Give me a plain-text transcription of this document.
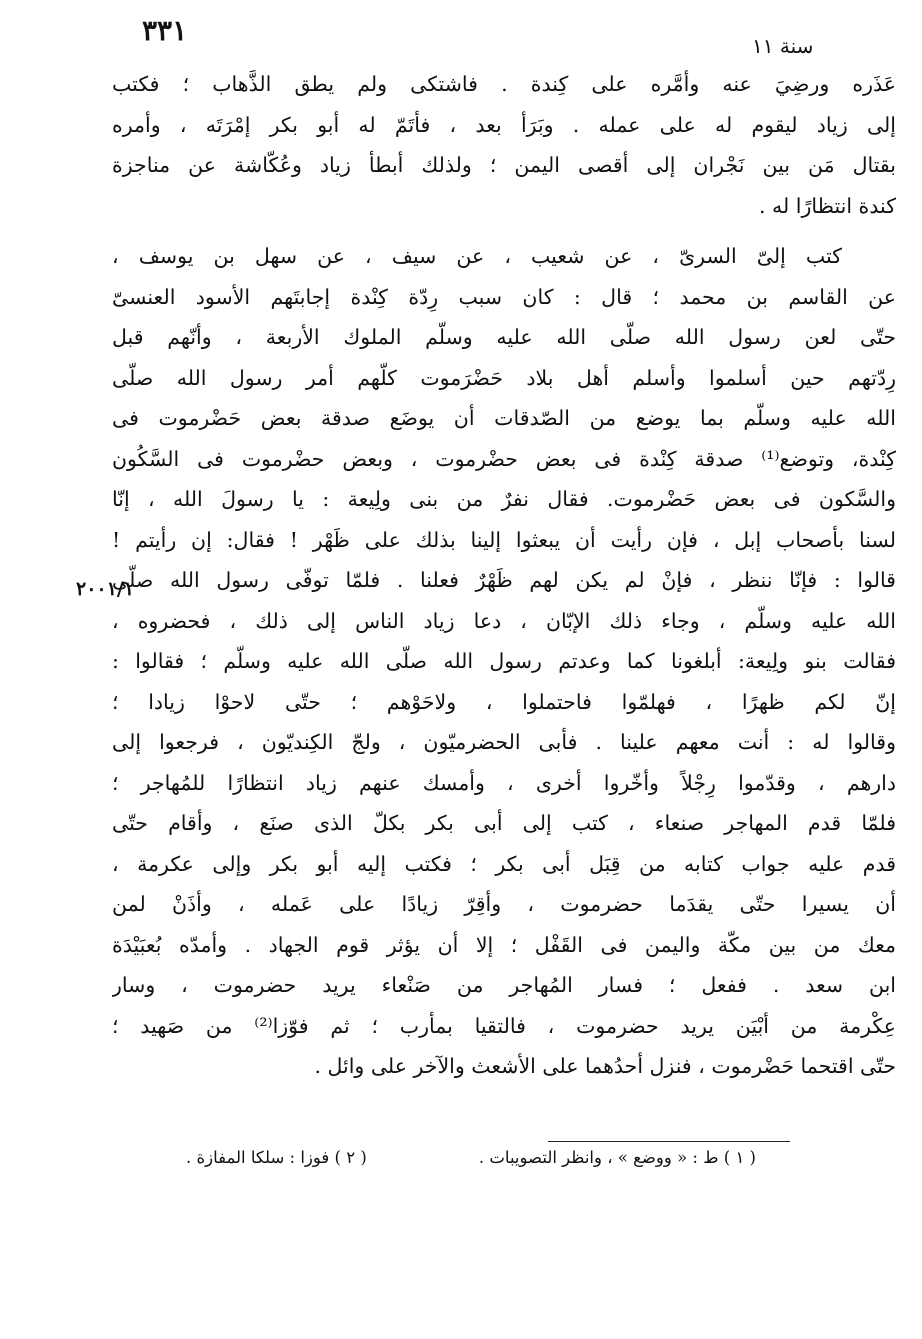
٣٣١	سنة ١١
عَذَره ورضِيَ عنه وأمَّره على كِندة . فاشتكى ولم يطق الذَّهاب ؛ فكتب
إلى زياد ليقوم له على عمله . وبَرَأ بعد ، فأتَمّ له أبو بكر إمْرَتَه ، وأمره
بقتال مَن بين نَجْران إلى أقصى اليمن ؛ ولذلك أبطأ زياد وعُكّاشة عن مناجزة
كندة انتظارًا له .
كتب إلىّ السرىّ ، عن شعيب ، عن سيف ، عن سهل بن يوسف ،
عن القاسم بن محمد ؛ قال : كان سبب رِدّة كِنْدة إجابتَهم الأسود العنسىّ
حتّى لعن رسول الله صلّى الله عليه وسلّم الملوك الأربعة ، وأنّهم قبل
رِدّتهم حين أسلموا وأسلم أهل بلاد حَضْرَموت كلّهم أمر رسول الله صلّى
الله عليه وسلّم بما يوضع من الصّدقات أن يوضَع صدقة بعض حَضْرموت فى
كِنْدة، وتوضع⁽¹⁾ صدقة كِنْدة فى بعض حضْرموت ، وبعض حضْرموت فى السَّكُون
والسَّكون فى بعض حَضْرموت. فقال نفرٌ من بنى ولِيعة : يا رسولَ الله ، إنّا
لسنا بأصحاب إبل ، فإن رأيت أن يبعثوا إلينا بذلك على ظَهْر ! فقال: إن رأيتم !
قالوا : فإنّا ننظر ، فإنْ لم يكن لهم ظَهْرٌ فعلنا . فلمّا توفّى رسول الله صلّى
الله عليه وسلّم ، وجاء ذلك الإبّان ، دعا زياد الناس إلى ذلك ، فحضروه ،
فقالت بنو ولِيعة: أبلغونا كما وعدتم رسول الله صلّى الله عليه وسلّم ؛ فقالوا :
إنّ لكم ظهرًا ، فهلمّوا فاحتملوا ، ولاحَوْهم ؛ حتّى لاحوْا زيادا ؛
وقالوا له : أنت معهم علينا . فأبى الحضرميّون ، ولجّ الكِنديّون ، فرجعوا إلى
دارهم ، وقدّموا رِجْلاً وأخّروا أخرى ، وأمسك عنهم زياد انتظارًا للمُهاجر ؛
فلمّا قدم المهاجر صنعاء ، كتب إلى أبى بكر بكلّ الذى صنَع ، وأقام حتّى
قدم عليه جواب كتابه من قِبَل أبى بكر ؛ فكتب إليه أبو بكر وإلى عكرمة ،
أن يسيرا حتّى يقدَما حضرموت ، وأقِرّ زيادًا على عَمله ، وأذَنْ لمن
معك من بين مكّة واليمن فى القَفْل ؛ إلا أن يؤثر قوم الجهاد . وأمدّه بُعبَيْدَة
ابن سعد . ففعل ؛ فسار المُهاجر من صَنْعاء يريد حضرموت ، وسار
عِكْرمة من أبْيَن يريد حضرموت ، فالتقيا بمأرب ؛ ثم فوّزا⁽²⁾ من صَهيد ؛
حتّى اقتحما حَضْرموت ، فنزل أحدُهما على الأشعث والآخر على وائل .
٢٠٠١/١
( ١ ) ط : « ووضع » ، وانظر التصويبات .
( ٢ ) فوزا : سلكا المفازة .
